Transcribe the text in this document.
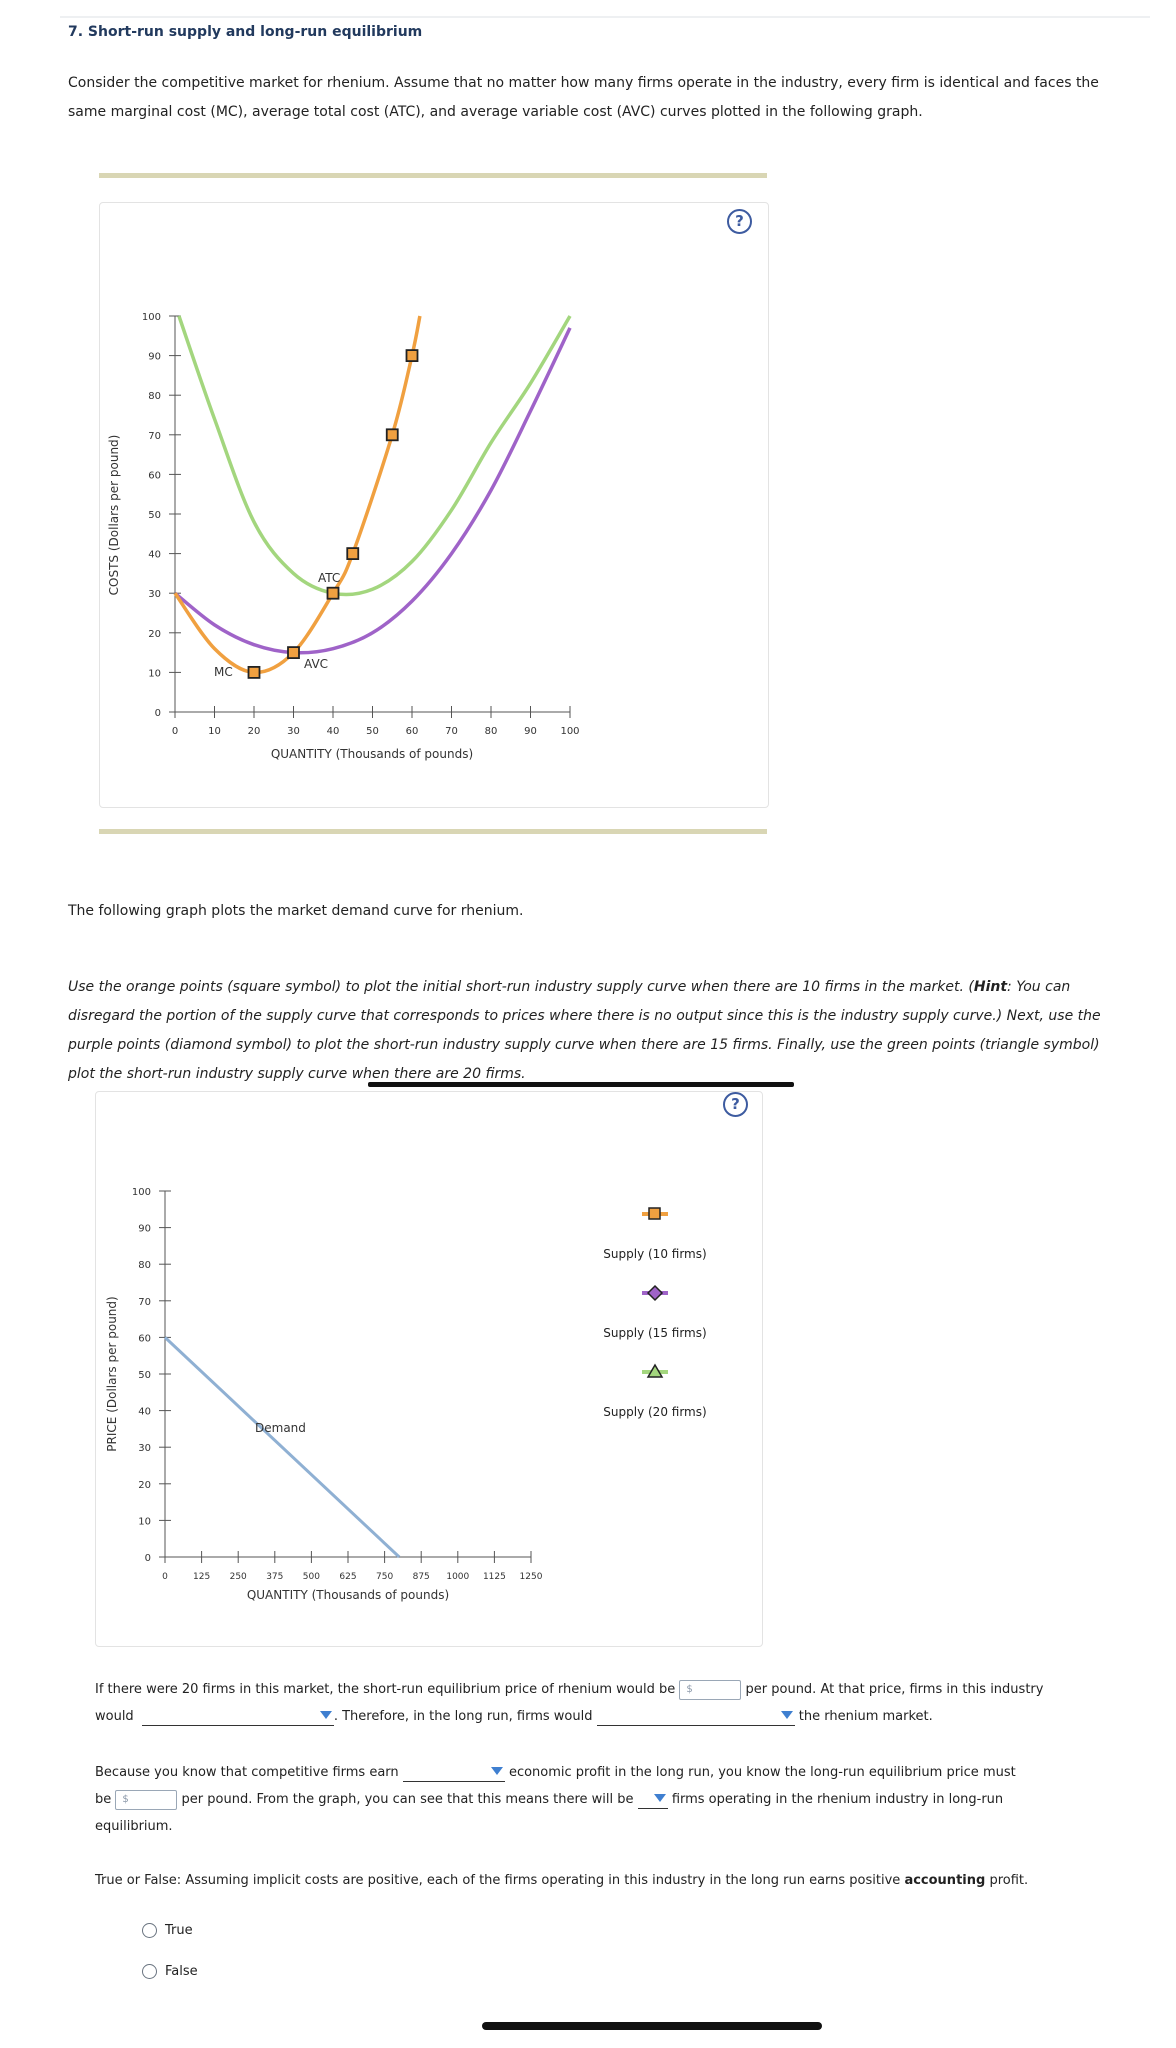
7. Short-run supply and long-run equilibrium
Consider the competitive market for rhenium. Assume that no matter how many firms operate in the industry, every firm is identical and faces the
same marginal cost (MC), average total cost (ATC), and average variable cost (AVC) curves plotted in the following graph.
?
0
10
20
30
40
50
60
70
80
90
100
0	10	20	30	40	50	60	70	80	90 100
ATC
AVC
MC
QUANTITY (Thousands of pounds)
COSTS (Dollars per pound)
The following graph plots the market demand curve for rhenium.
Use the orange points (square symbol) to plot the initial short-run industry supply curve when there are 10 firms in the market. (Hint: You can
disregard the portion of the supply curve that corresponds to prices where there is no output since this is the industry supply curve.) Next, use the
purple points (diamond symbol) to plot the short-run industry supply curve when there are 15 firms. Finally, use the green points (triangle symbol)
plot the short-run industry supply curve when there are 20 firms.
?
0
10
20
30
40
50
60
70
80
90
100
0	125 250 375 500 625 750 875 1000 1125 1250
Demand
QUANTITY (Thousands of pounds)
PRICE (Dollars per pound)
Supply (10 firms)
Supply (15 firms)
Supply (20 firms)
If there were 20 firms in this market, the short-run equilibrium price of rhenium would be $	per pound. At that price, firms in this industry
would	. Therefore, in the long run, firms would	the rhenium market.
Because you know that competitive firms earn	economic profit in the long run, you know the long-run equilibrium price must
be $	per pound. From the graph, you can see that this means there will be	firms operating in the rhenium industry in long-run
equilibrium.
True or False: Assuming implicit costs are positive, each of the firms operating in this industry in the long run earns positive accounting profit.
True
False
